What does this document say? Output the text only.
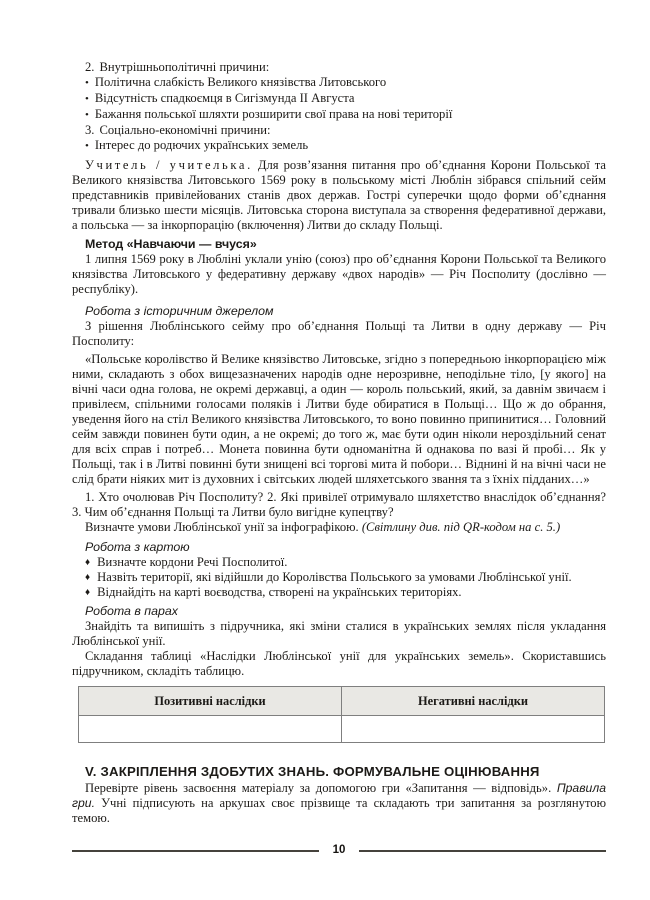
2. Внутрішньополітичні причини:
• Політична слабкість Великого князівства Литовського
• Відсутність спадкоємця в Сигізмунда ІІ Августа
• Бажання польської шляхти розширити свої права на нові території
3. Соціально-економічні причини:
• Інтерес до родючих українських земель

Учитель / учителька. Для розв’язання питання про об’єднання Корони Польської та Великого князівства Литовського 1569 року в польському місті Люблін зібрався спільний сейм представників привілейованих станів двох держав. Гострі суперечки щодо форми об’єднання тривали близько шести місяців. Литовська сторона виступала за створення федеративної держави, а польська — за інкорпорацію (включення) Литви до складу Польщі.

Метод «Навчаючи — вчуся»

1 липня 1569 року в Любліні уклали унію (союз) про об’єднання Корони Польської та Великого князівства Литовського у федеративну державу «двох народів» — Річ Посполиту (дослівно — республіку).

Робота з історичним джерелом

З рішення Люблінського сейму про об’єднання Польщі та Литви в одну державу — Річ Посполиту:

«Польське королівство й Велике князівство Литовське, згідно з попередньою інкорпорацією між ними, складають з обох вищезазначених народів одне нерозривне, неподільне тіло, [у якого] на вічні часи одна голова, не окремі державці, а один — король польський, який, за давнім звичаєм і привілеєм, спільними голосами поляків і Литви буде обиратися в Польщі… Що ж до обрання, уведення його на стіл Великого князівства Литовського, то воно повинно припинитися… Головний сейм завжди повинен бути один, а не окремі; до того ж, має бути один ніколи нероздільний сенат для всіх справ і потреб… Монета повинна бути одноманітна й однакова по вазі й пробі… Як у Польщі, так і в Литві повинні бути знищені всі торгові мита й побори… Віднині й на вічні часи не слід брати ніяких мит із духовних і світських людей шляхетського звання та з їхніх підданих…»

1. Хто очолював Річ Посполиту? 2. Які привілеї отримувало шляхетство внаслідок об’єднання? 3. Чим об’єднання Польщі та Литви було вигідне купецтву?

Визначте умови Люблінської унії за інфографікою. (Світлину див. під QR-кодом на с. 5.)

Робота з картою
♦ Визначте кордони Речі Посполитої.
♦ Назвіть території, які відійшли до Королівства Польського за умовами Люблінської унії.
♦ Віднайдіть на карті воєводства, створені на українських територіях.
Робота в парах

Знайдіть та випишіть з підручника, які зміни сталися в українських землях після укладання Люблінської унії.

Складання таблиці «Наслідки Люблінської унії для українських земель». Скориставшись підручником, складіть таблицю.

Позитивні наслідки	Негативні наслідки

V. ЗАКРІПЛЕННЯ ЗДОБУТИХ ЗНАНЬ. ФОРМУВАЛЬНЕ ОЦІНЮВАННЯ

Перевірте рівень засвоєння матеріалу за допомогою гри «Запитання — відповідь». Правила гри. Учні підписують на аркушах своє прізвище та складають три запитання за розглянутою темою.

10
